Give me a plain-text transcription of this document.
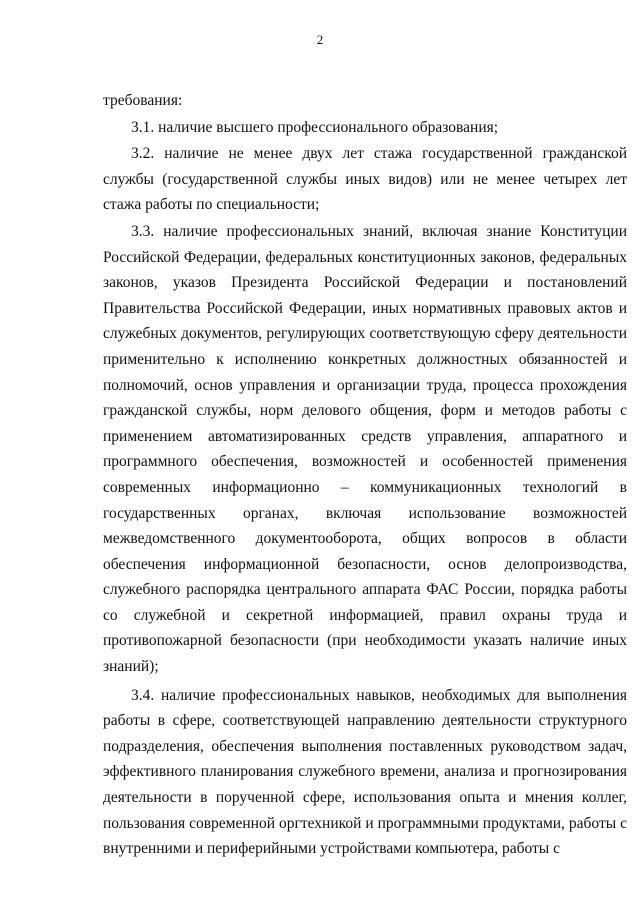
2

требования:

3.1. наличие высшего профессионального образования;

3.2. наличие не менее двух лет стажа государственной гражданской службы (государственной службы иных видов) или не менее четырех лет стажа работы по специальности;

3.3. наличие профессиональных знаний, включая знание Конституции Российской Федерации, федеральных конституционных законов, федеральных законов, указов Президента Российской Федерации и постановлений Правительства Российской Федерации, иных нормативных правовых актов и служебных документов, регулирующих соответствующую сферу деятельности применительно к исполнению конкретных должностных обязанностей и полномочий, основ управления и организации труда, процесса прохождения гражданской службы, норм делового общения, форм и методов работы с применением автоматизированных средств управления, аппаратного и программного обеспечения, возможностей и особенностей применения современных информационно – коммуникационных технологий в государственных органах, включая использование возможностей межведомственного документооборота, общих вопросов в области обеспечения информационной безопасности, основ делопроизводства, служебного распорядка центрального аппарата ФАС России, порядка работы со служебной и секретной информацией, правил охраны труда и противопожарной безопасности (при необходимости указать наличие иных знаний);

3.4. наличие профессиональных навыков, необходимых для выполнения работы в сфере, соответствующей направлению деятельности структурного подразделения, обеспечения выполнения поставленных руководством задач, эффективного планирования служебного времени, анализа и прогнозирования деятельности в порученной сфере, использования опыта и мнения коллег, пользования современной оргтехникой и программными продуктами, работы с внутренними и периферийными устройствами компьютера, работы с
